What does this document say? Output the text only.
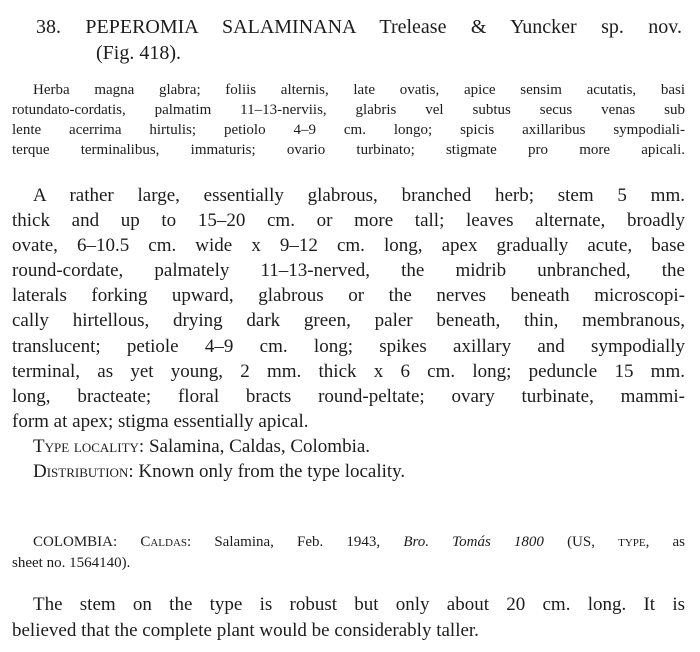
38. PEPEROMIA SALAMINANA Trelease & Yuncker sp. nov.
(Fig. 418).
Herba magna glabra; foliis alternis, late ovatis, apice sensim acutatis, basi
rotundato-cordatis, palmatim 11–13-nerviis, glabris vel subtus secus venas sub
lente acerrima hirtulis; petiolo 4–9 cm. longo; spicis axillaribus sympodiali-
terque terminalibus, immaturis; ovario turbinato; stigmate pro more apicali.
A rather large, essentially glabrous, branched herb; stem 5 mm.
thick and up to 15–20 cm. or more tall; leaves alternate, broadly
ovate, 6–10.5 cm. wide x 9–12 cm. long, apex gradually acute, base
round-cordate, palmately 11–13-nerved, the midrib unbranched, the
laterals forking upward, glabrous or the nerves beneath microscopi-
cally hirtellous, drying dark green, paler beneath, thin, membranous,
translucent; petiole 4–9 cm. long; spikes axillary and sympodially
terminal, as yet young, 2 mm. thick x 6 cm. long; peduncle 15 mm.
long, bracteate; floral bracts round-peltate; ovary turbinate, mammi-
form at apex; stigma essentially apical.
Type locality: Salamina, Caldas, Colombia.
Distribution: Known only from the type locality.
COLOMBIA: Caldas: Salamina, Feb. 1943, Bro. Tomás 1800 (US, type, as
sheet no. 1564140).
The stem on the type is robust but only about 20 cm. long. It is
believed that the complete plant would be considerably taller.
